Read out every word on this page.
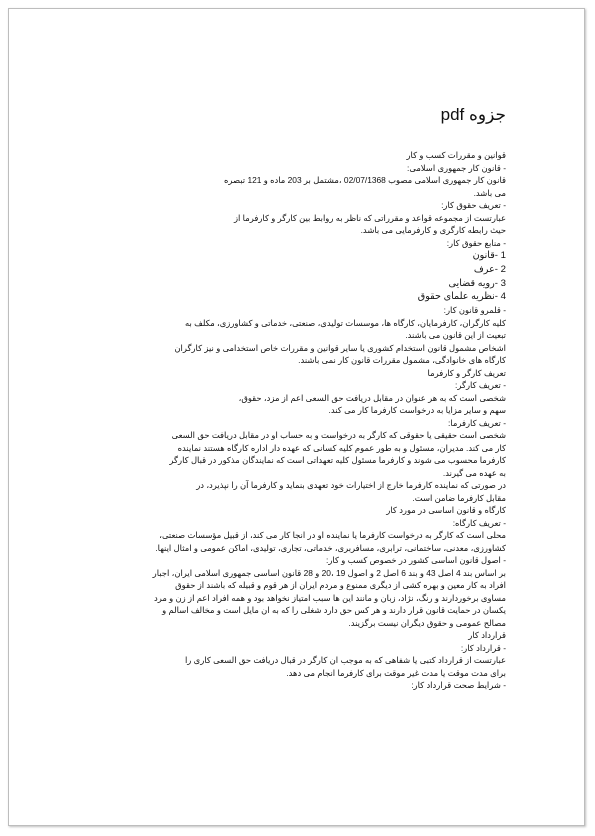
جزوه pdf
قوانین و مقررات کسب و کار
- قانون کار جمهوری اسلامی:
قانون کار جمهوری اسلامی مصوب 02/07/1368 ،مشتمل بر 203 ماده و 121 تبصره
می باشد.
- تعریف حقوق کار:
عبارتست از مجموعه قواعد و مقرراتی که ناظر به روابط بین کارگر و کارفرما از
حیث رابطه کارگری و کارفرمایی می باشد.
- منابع حقوق کار:
1 -قانون
2 -عرف
3 -رویه قضایی
4 -نظریه علمای حقوق
- قلمرو قانون کار:
کلیه کارگران، کارفرمایان، کارگاه ها، موسسات تولیدی، صنعتی، خدماتی و کشاورزی، مکلف به
تبعیت از این قانون می باشند.
اشخاص مشمول قانون استخدام کشوری یا سایر قوانین و مقررات خاص استخدامی و نیز کارگران
کارگاه های خانوادگی، مشمول مقررات قانون کار نمی باشند.
تعریف کارگر و کارفرما
- تعریف کارگر:
شخصی است که به هر عنوان در مقابل دریافت حق السعی اعم از مزد، حقوق،
سهم و سایر مزایا به درخواست کارفرما کار می کند.
- تعریف کارفرما:
شخصی است حقیقی یا حقوقی که کارگر به درخواست و به حساب او در مقابل دریافت حق السعی
کار می کند. مدیران، مسئول و به طور عموم کلیه کسانی که عهده دار اداره کارگاه هستند نماینده
کارفرما محسوب می شوند و کارفرما مسئول کلیه تعهداتی است که نمایندگان مذکور در قبال کارگر
به عهده می گیرند.
در صورتی که نماینده کارفرما خارج از اختیارات خود تعهدی بنماید و کارفرما آن را نپذیرد، در
مقابل کارفرما ضامن است.
کارگاه و قانون اساسی در مورد کار
- تعریف کارگاه:
محلی است که کارگر به درخواست کارفرما یا نماینده او در انجا کار می کند، از قبیل مؤسسات صنعتی،
کشاورزی، معدنی، ساختمانی، ترابری، مسافربری، خدماتی، تجاری، تولیدی، اماکن عمومی و امثال اینها.
- اصول قانون اساسی کشور در خصوص کسب و کار:
بر اساس بند 4 اصل 43 و بند 6 اصل 2 و اصول 19 ،20 و 28 قانون اساسی جمهوری اسلامی ایران، اجبار
افراد به کار معین و بهره کشی از دیگری ممنوع و مردم ایران از هر قوم و قبیله که باشند از حقوق
مساوی برخوردارند و رنگ، نژاد، زبان و مانند این ها سبب امتیاز نخواهد بود و همه افراد اعم از زن و مرد
یکسان در حمایت قانون قرار دارند و هر کس حق دارد شغلی را که به ان مایل است و مخالف اسالم و
مصالح عمومی و حقوق دیگران نیست برگزیند.
قرارداد کار
- قرارداد کار:
عبارتست از قرارداد کتبی یا شفاهی که به موجب ان کارگر در قبال دریافت حق السعی کاری را
برای مدت موقت یا مدت غیر موقت برای کارفرما انجام می دهد.
- شرایط صحت قرارداد کار:
